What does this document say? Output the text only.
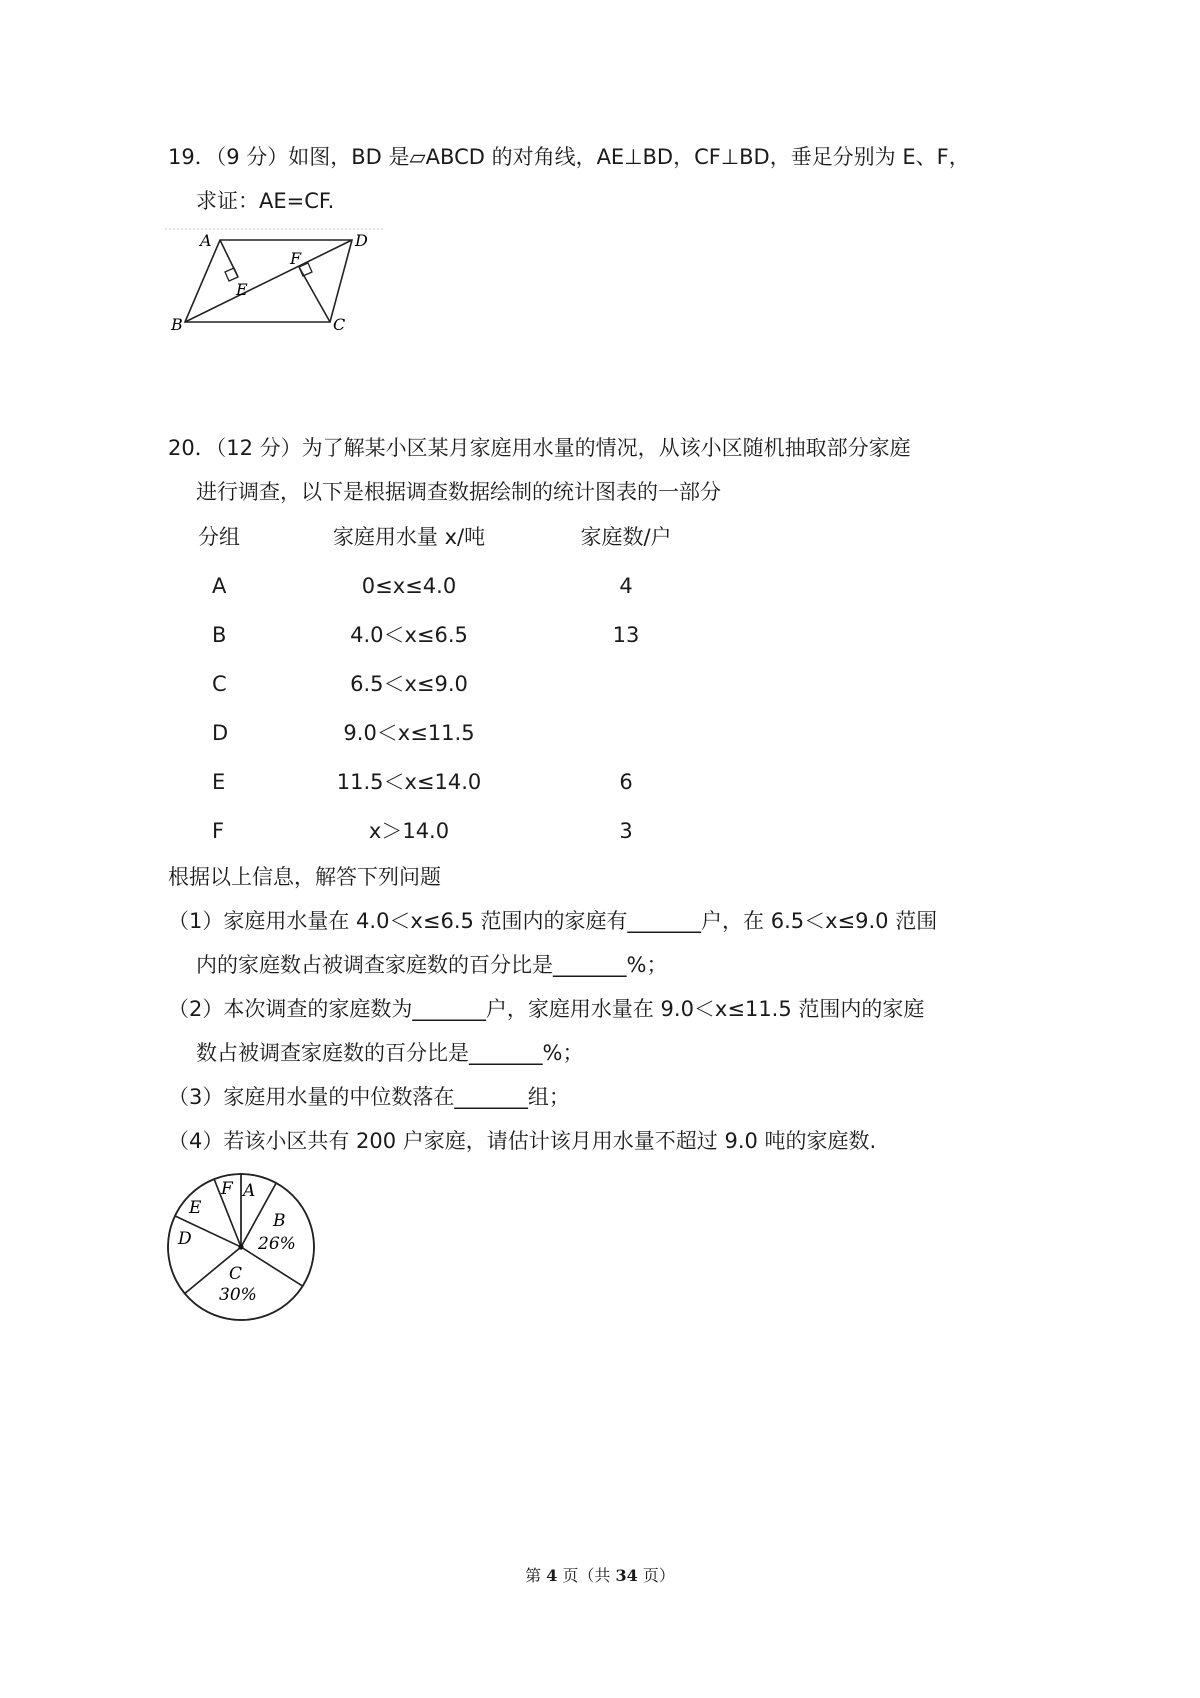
19．（9 分）如图，BD 是▱ABCD 的对角线，AE⊥BD，CF⊥BD，垂足分别为 E、F，
求证：AE=CF.
A	D
B	C
E
F
20．（12 分）为了解某小区某月家庭用水量的情况，从该小区随机抽取部分家庭
进行调查，以下是根据调查数据绘制的统计图表的一部分
分组	家庭用水量 x/吨	家庭数/户
A	0≤x≤4.0	4
B	4.0＜x≤6.5	13
C	6.5＜x≤9.0
D	9.0＜x≤11.5
E	11.5＜x≤14.0	6
F	x＞14.0	3
根据以上信息，解答下列问题
（1）家庭用水量在 4.0＜x≤6.5 范围内的家庭有_______户，在 6.5＜x≤9.0 范围
内的家庭数占被调查家庭数的百分比是_______%；
（2）本次调查的家庭数为_______户，家庭用水量在 9.0＜x≤11.5 范围内的家庭
数占被调查家庭数的百分比是_______%；
（3）家庭用水量的中位数落在_______组；
（4）若该小区共有 200 户家庭，请估计该月用水量不超过 9.0 吨的家庭数.
A
F
E
D
B
26%
C
30%
第 4 页（共 34 页）
